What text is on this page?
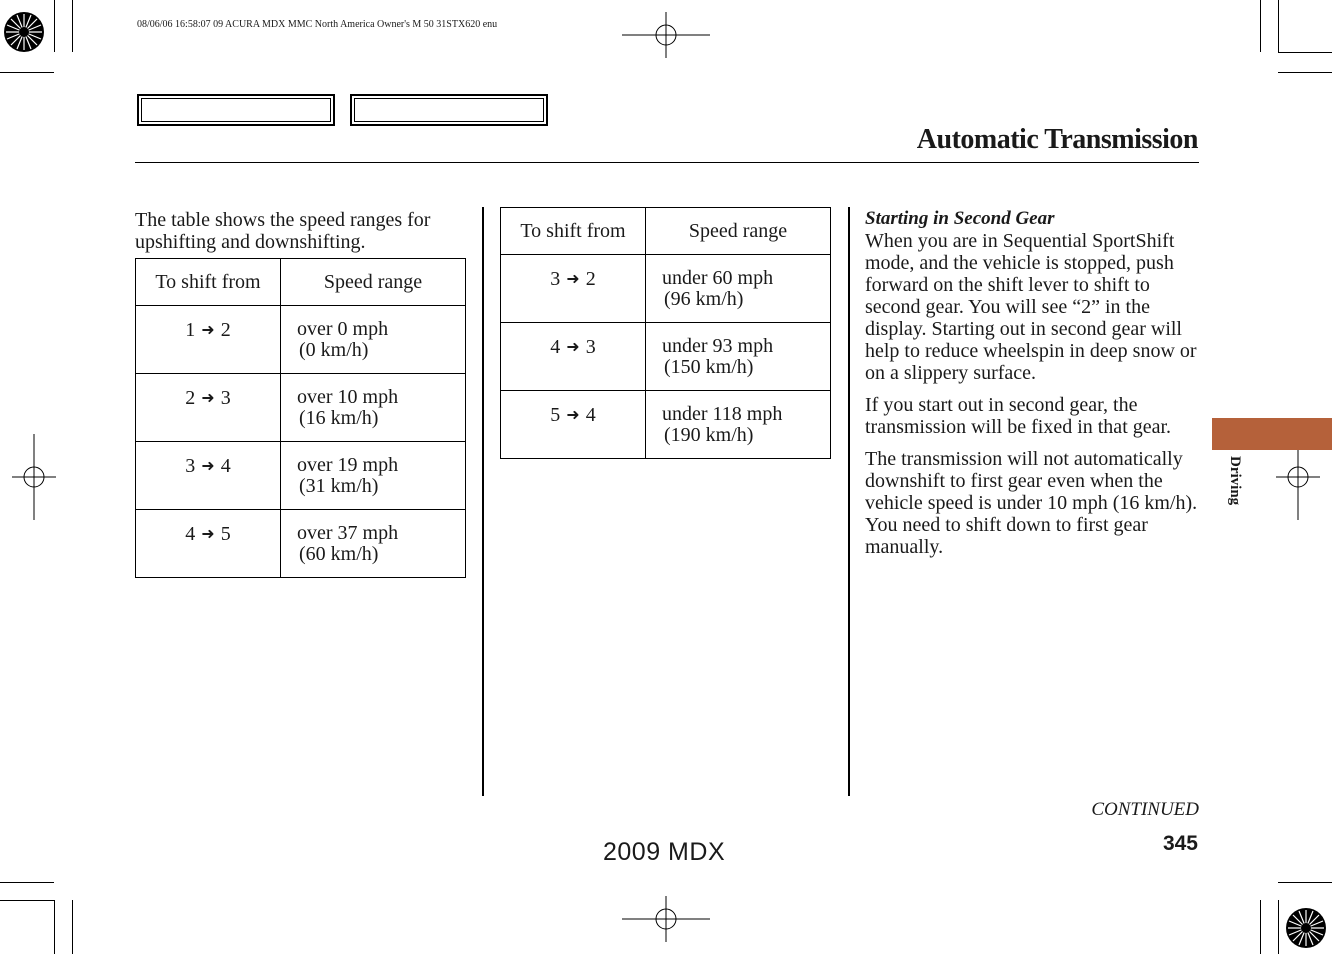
08/06/06 16:58:07 09 ACURA MDX MMC North America Owner's M 50 31STX620 enu
Automatic Transmission
The table shows the speed ranges for upshifting and downshifting.
To shift from	Speed range
1 ➜ 2	over 0 mph
(0 km/h)

2 ➜ 3	over 10 mph
(16 km/h)

3 ➜ 4	over 19 mph
(31 km/h)

4 ➜ 5	over 37 mph
(60 km/h)
To shift from	Speed range
3 ➜ 2	under 60 mph
(96 km/h)

4 ➜ 3	under 93 mph
(150 km/h)

5 ➜ 4	under 118 mph
(190 km/h)
Starting in Second Gear

When you are in Sequential SportShift mode, and the vehicle is stopped, push forward on the shift lever to shift to second gear. You will see “2” in the display. Starting out in second gear will help to reduce wheelspin in deep snow or on a slippery surface.

If you start out in second gear, the transmission will be fixed in that gear.

The transmission will not automatically downshift to first gear even when the vehicle speed is under 10 mph (16 km/h). You need to shift down to first gear manually.

Driving
CONTINUED
345
2009 MDX
